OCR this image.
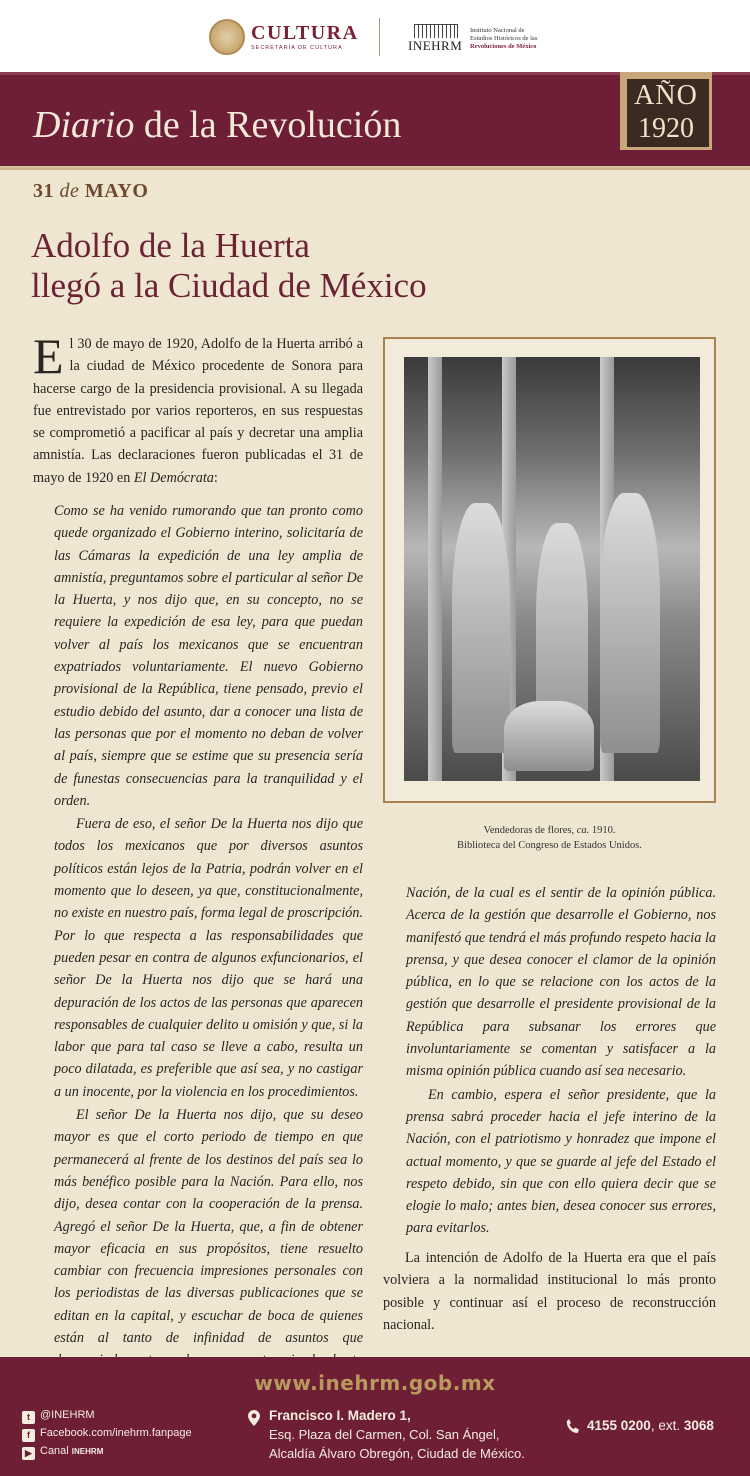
CULTURA
SECRETARÍA DE CULTURA	INEHRM
Instituto Nacional de
Estudios Históricos de las
Revoluciones de México
Diario de la Revolución
AÑO
1920
31 de MAYO
Adolfo de la Huerta
llegó a la Ciudad de México
El 30 de mayo de 1920, Adolfo de la Huerta arribó a la ciudad de México procedente de Sonora para hacerse cargo de la presidencia provisional. A su llegada fue entrevistado por varios reporteros, en sus respuestas se comprometió a pacificar al país y decretar una amplia amnistía. Las declaraciones fueron publicadas el 31 de mayo de 1920 en El Demócrata:

Como se ha venido rumorando que tan pronto como quede organizado el Gobierno interino, solicitaría de las Cámaras la expedición de una ley amplia de amnistía, preguntamos sobre el particular al señor De la Huerta, y nos dijo que, en su concepto, no se requiere la expedición de esa ley, para que puedan volver al país los mexicanos que se encuentran expatriados voluntariamente. El nuevo Gobierno provisional de la República, tiene pensado, previo el estudio debido del asunto, dar a conocer una lista de las personas que por el momento no deban de volver al país, siempre que se estime que su presencia sería de funestas consecuencias para la tranquilidad y el orden.

Fuera de eso, el señor De la Huerta nos dijo que todos los mexicanos que por diversos asuntos políticos están lejos de la Patria, podrán volver en el momento que lo deseen, ya que, constitucionalmente, no existe en nuestro país, forma legal de proscripción. Por lo que respecta a las responsabilidades que pueden pesar en contra de algunos exfuncionarios, el señor De la Huerta nos dijo que se hará una depuración de los actos de las personas que aparecen responsables de cualquier delito u omisión y que, si la labor que para tal caso se lleve a cabo, resulta un poco dilatada, es preferible que así sea, y no castigar a un inocente, por la violencia en los procedimientos.

El señor De la Huerta nos dijo, que su deseo mayor es que el corto periodo de tiempo en que permanecerá al frente de los destinos del país sea lo más benéfico posible para la Nación. Para ello, nos dijo, desea contar con la cooperación de la prensa. Agregó el señor De la Huerta, que, a fin de obtener mayor eficacia en sus propósitos, tiene resuelto cambiar con frecuencia impresiones personales con los periodistas de las diversas publicaciones que se editan en la capital, y escuchar de boca de quienes están al tanto de infinidad de asuntos que

Vendedoras de flores, ca. 1910.
Biblioteca del Congreso de Estados Unidos.

Nación, de la cual es el sentir de la opinión pública. Acerca de la gestión que desarrolle el Gobierno, nos manifestó que tendrá el más profundo respeto hacia la prensa, y que desea conocer el clamor de la opinión pública, en lo que se relacione con los actos de la gestión que desarrolle el presidente provisional de la República para subsanar los errores que involuntariamente se comentan y satisfacer a la misma opinión pública cuando así sea necesario.

En cambio, espera el señor presidente, que la prensa sabrá proceder hacia el jefe interino de la Nación, con el patriotismo y honradez que impone el actual momento, y que se guarde al jefe del Estado el respeto debido, sin que con ello quiera decir que se elogie lo malo; antes bien, desea conocer sus errores, para evitarlos.

La intención de Adolfo de la Huerta era que el país volviera a la normalidad institucional lo más pronto posible y continuar así el proceso de reconstrucción nacional.
www.inehrm.gob.mx
t @INEHRM
f Facebook.com/inehrm.fanpage
▶ Canal INEHRM
Francisco I. Madero 1,
Esq. Plaza del Carmen, Col. San Ángel,
Alcaldía Álvaro Obregón, Ciudad de México.
4155 0200, ext. 3068
